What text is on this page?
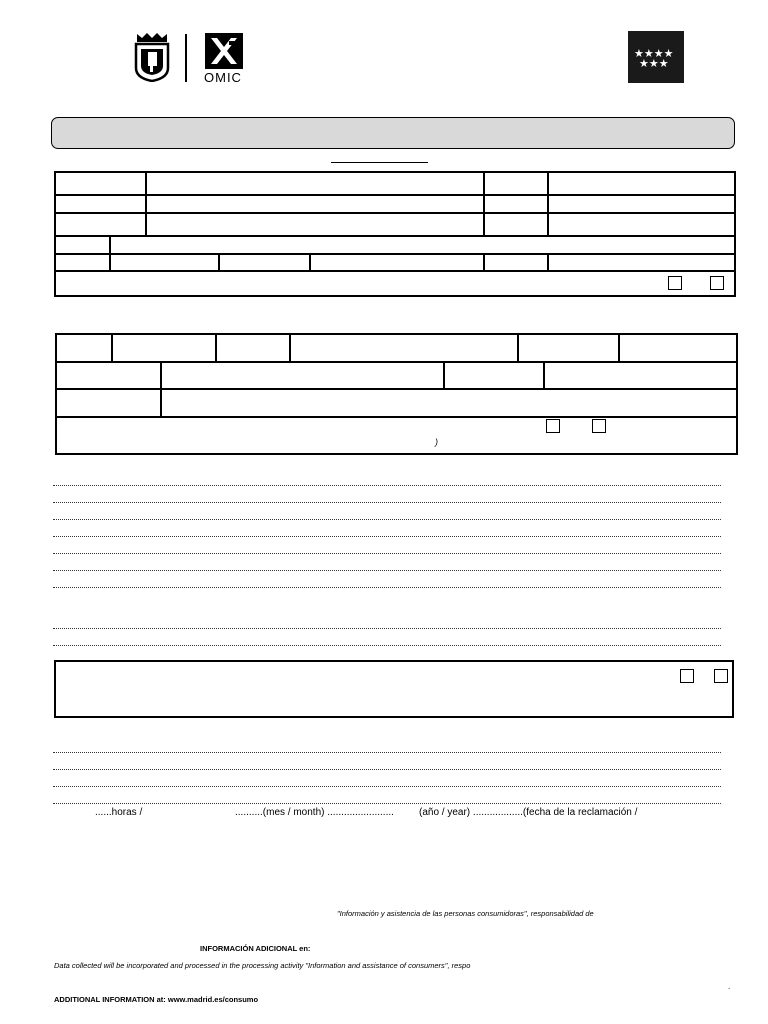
OMIC
★★★★
★★★
)
......horas /	..........(mes / month) ........................	(año / year) ..................(fecha de la reclamación /
"Información y asistencia de las personas consumidoras", responsabilidad de
INFORMACIÓN ADICIONAL en:
Data collected will be incorporated and processed in the processing activity "Information and assistance of consumers", respo
ADDITIONAL INFORMATION at: www.madrid.es/consumo
.
